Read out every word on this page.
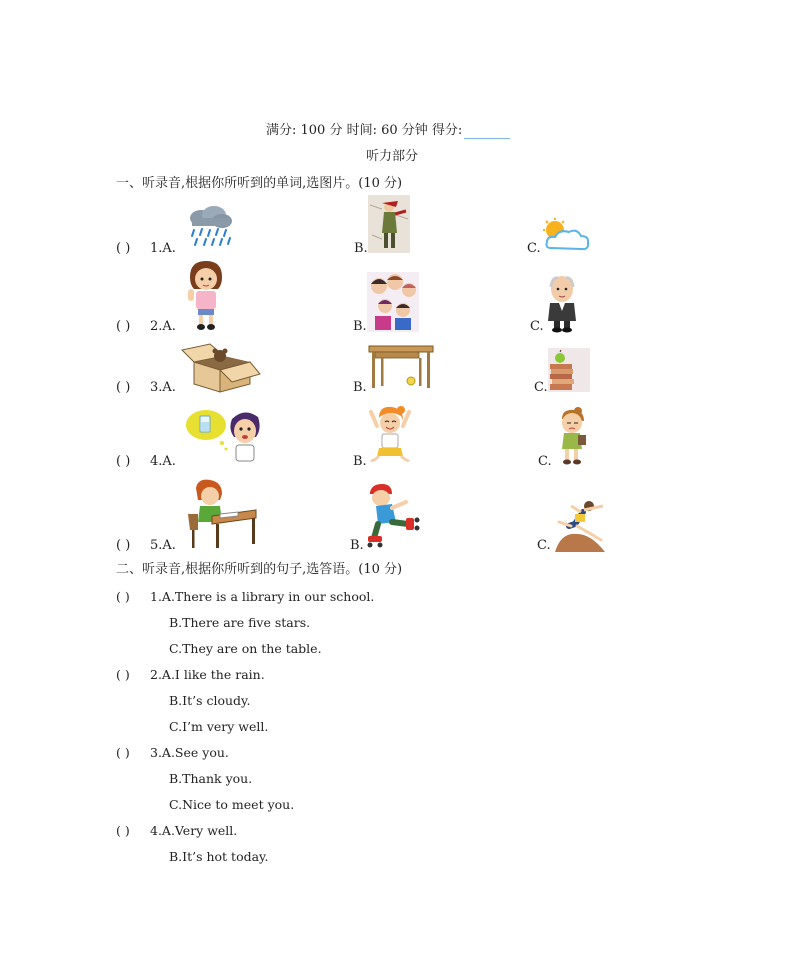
满分: 100 分 时间: 60 分钟 得分:
听力部分
一、听录音,根据你所听到的单词,选图片。(10 分)
( ) 1.A.	B.	C.
( ) 2.A.	B.	C.
( ) 3.A.	B.	C.
( ) 4.A.	B.	C.
( ) 5.A.	B.	C.
二、听录音,根据你所听到的句子,选答语。(10 分)
( ) 1.A.There is a library in our school.
B.There are five stars.
C.They are on the table.
( ) 2.A.I like the rain.
B.It’s cloudy.
C.I’m very well.
( ) 3.A.See you.
B.Thank you.
C.Nice to meet you.
( ) 4.A.Very well.
B.It’s hot today.
